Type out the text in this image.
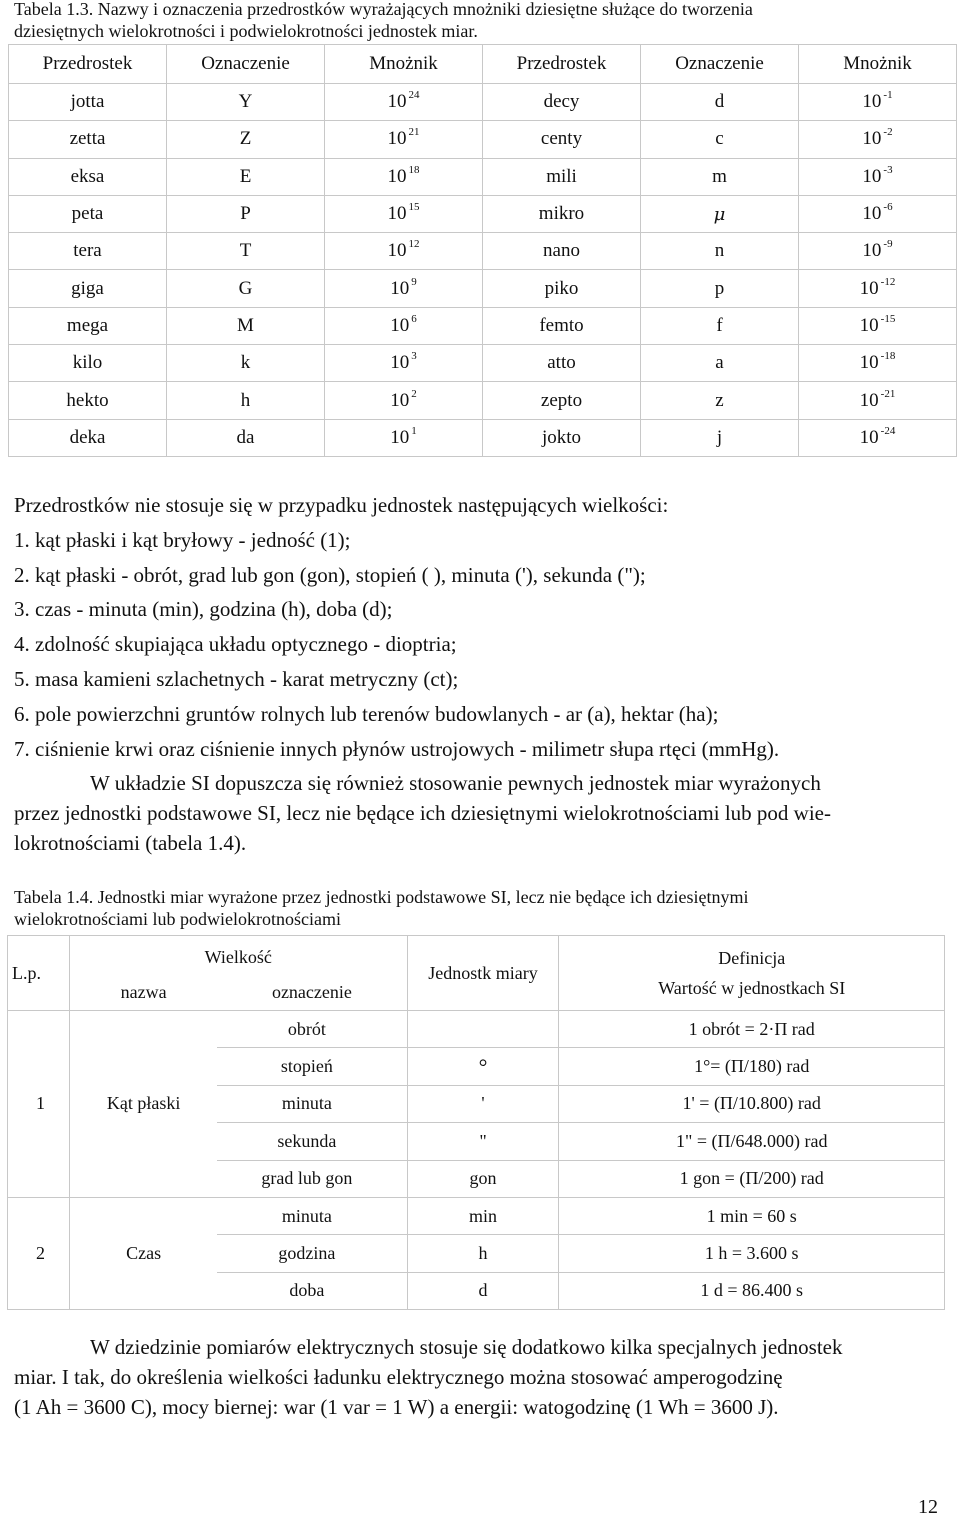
Tabela 1.3. Nazwy i oznaczenia przedrostków wyrażających mnożniki dziesiętne służące do tworzenia
dziesiętnych wielokrotności i podwielokrotności jednostek miar.
Przedrostek	Oznaczenie	Mnożnik	Przedrostek	Oznaczenie	Mnożnik
jotta	Y	10 $^{24}$	decy	d	10 $^{-1}$
zetta	Z	10 $^{21}$	centy	c	10 $^{-2}$
eksa	E	10 $^{18}$	mili	m	10 $^{-3}$
peta	P	10 $^{15}$	mikro	μ	10 $^{-6}$
tera	T	10 $^{12}$	nano	n	10 $^{-9}$
giga	G	10 $^9$	piko	p	10 $^{-12}$
mega	M	10 $^6$	femto	f	10 $^{-15}$
kilo	k	10 $^3$	atto	a	10 $^{-18}$
hekto	h	10 $^2$	zepto	z	10 $^{-21}$
deka	da	10 $^1$	jokto	j	10 $^{-24}$
Przedrostków nie stosuje się w przypadku jednostek następujących wielkości:
1. kąt płaski i kąt bryłowy - jedność (1);
2. kąt płaski - obrót, grad lub gon (gon), stopień ( ), minuta ('), sekunda (");
3. czas - minuta (min), godzina (h), doba (d);
4. zdolność skupiająca układu optycznego - dioptria;
5. masa kamieni szlachetnych - karat metryczny (ct);
6. pole powierzchni gruntów rolnych lub terenów budowlanych - ar (a), hektar (ha);
7. ciśnienie krwi oraz ciśnienie innych płynów ustrojowych - milimetr słupa rtęci (mmHg).
W układzie SI dopuszcza się również stosowanie pewnych jednostek miar wyrażonych
przez jednostki podstawowe SI, lecz nie będące ich dziesiętnymi wielokrotnościami lub pod wie-
lokrotnościami (tabela 1.4).
Tabela 1.4. Jednostki miar wyrażone przez jednostki podstawowe SI, lecz nie będące ich dziesiętnymi
wielokrotnościami lub podwielokrotnościami
L.p.	Wielkość		Jednostk miary	Definicja
Wartość w jednostkach SI

	nazwa	oznaczenie		
1	Kąt płaski	obrót		1 obrót = 2·Π rad
		stopień	°	1°= (Π/180) rad
		minuta	'	1' = (Π/10.800) rad
		sekunda	"	1" = (Π/648.000) rad
		grad lub gon	gon	1 gon = (Π/200) rad
2	Czas	minuta	min	1 min = 60 s
		godzina	h	1 h = 3.600 s
		doba	d	1 d = 86.400 s
W dziedzinie pomiarów elektrycznych stosuje się dodatkowo kilka specjalnych jednostek
miar. I tak, do określenia wielkości ładunku elektrycznego można stosować amperogodzinę
(1 Ah = 3600 C), mocy biernej: war (1 var = 1 W) a energii: watogodzinę (1 Wh = 3600 J).
12
